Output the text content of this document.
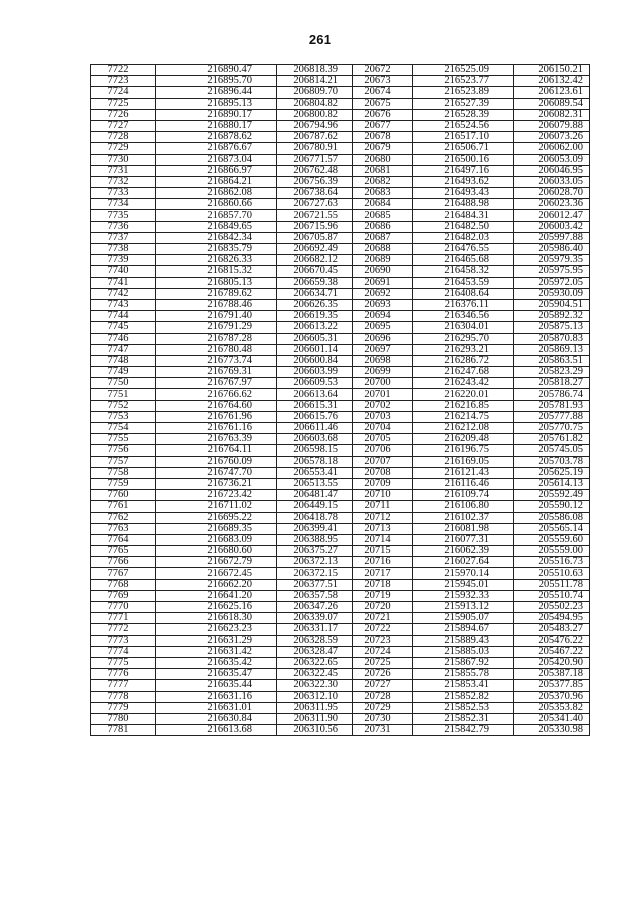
261
7722	216890.47	206818.39	20672	216525.09	206150.21
7723	216895.70	206814.21	20673	216523.77	206132.42
7724	216896.44	206809.70	20674	216523.89	206123.61
7725	216895.13	206804.82	20675	216527.39	206089.54
7726	216890.17	206800.82	20676	216528.39	206082.31
7727	216880.17	206794.96	20677	216524.56	206079.88
7728	216878.62	206787.62	20678	216517.10	206073.26
7729	216876.67	206780.91	20679	216506.71	206062.00
7730	216873.04	206771.57	20680	216500.16	206053.09
7731	216866.97	206762.48	20681	216497.16	206046.95
7732	216864.21	206756.39	20682	216493.62	206033.05
7733	216862.08	206738.64	20683	216493.43	206028.70
7734	216860.66	206727.63	20684	216488.98	206023.36
7735	216857.70	206721.55	20685	216484.31	206012.47
7736	216849.65	206715.96	20686	216482.50	206003.42
7737	216842.34	206705.87	20687	216482.03	205997.88
7738	216835.79	206692.49	20688	216476.55	205986.40
7739	216826.33	206682.12	20689	216465.68	205979.35
7740	216815.32	206670.45	20690	216458.32	205975.95
7741	216805.13	206659.38	20691	216453.59	205972.05
7742	216789.62	206634.71	20692	216408.64	205930.09
7743	216788.46	206626.35	20693	216376.11	205904.51
7744	216791.40	206619.35	20694	216346.56	205892.32
7745	216791.29	206613.22	20695	216304.01	205875.13
7746	216787.28	206605.31	20696	216295.70	205870.83
7747	216780.48	206601.14	20697	216293.21	205869.13
7748	216773.74	206600.84	20698	216286.72	205863.51
7749	216769.31	206603.99	20699	216247.68	205823.29
7750	216767.97	206609.53	20700	216243.42	205818.27
7751	216766.62	206613.64	20701	216220.01	205786.74
7752	216764.60	206615.31	20702	216216.85	205781.93
7753	216761.96	206615.76	20703	216214.75	205777.88
7754	216761.16	206611.46	20704	216212.08	205770.75
7755	216763.39	206603.68	20705	216209.48	205761.82
7756	216764.11	206598.15	20706	216196.75	205745.05
7757	216760.09	206578.18	20707	216169.05	205703.78
7758	216747.70	206553.41	20708	216121.43	205625.19
7759	216736.21	206513.55	20709	216116.46	205614.13
7760	216723.42	206481.47	20710	216109.74	205592.49
7761	216711.02	206449.15	20711	216106.80	205590.12
7762	216695.22	206418.78	20712	216102.37	205586.08
7763	216689.35	206399.41	20713	216081.98	205565.14
7764	216683.09	206388.95	20714	216077.31	205559.60
7765	216680.60	206375.27	20715	216062.39	205559.00
7766	216672.79	206372.13	20716	216027.64	205516.73
7767	216672.45	206372.15	20717	215970.14	205510.63
7768	216662.20	206377.51	20718	215945.01	205511.78
7769	216641.20	206357.58	20719	215932.33	205510.74
7770	216625.16	206347.26	20720	215913.12	205502.23
7771	216618.30	206339.07	20721	215905.07	205494.95
7772	216623.23	206331.17	20722	215894.67	205483.27
7773	216631.29	206328.59	20723	215889.43	205476.22
7774	216631.42	206328.47	20724	215885.03	205467.22
7775	216635.42	206322.65	20725	215867.92	205420.90
7776	216635.47	206322.45	20726	215855.78	205387.18
7777	216635.44	206322.30	20727	215853.41	205377.85
7778	216631.16	206312.10	20728	215852.82	205370.96
7779	216631.01	206311.95	20729	215852.53	205353.82
7780	216630.84	206311.90	20730	215852.31	205341.40
7781	216613.68	206310.56	20731	215842.79	205330.98
